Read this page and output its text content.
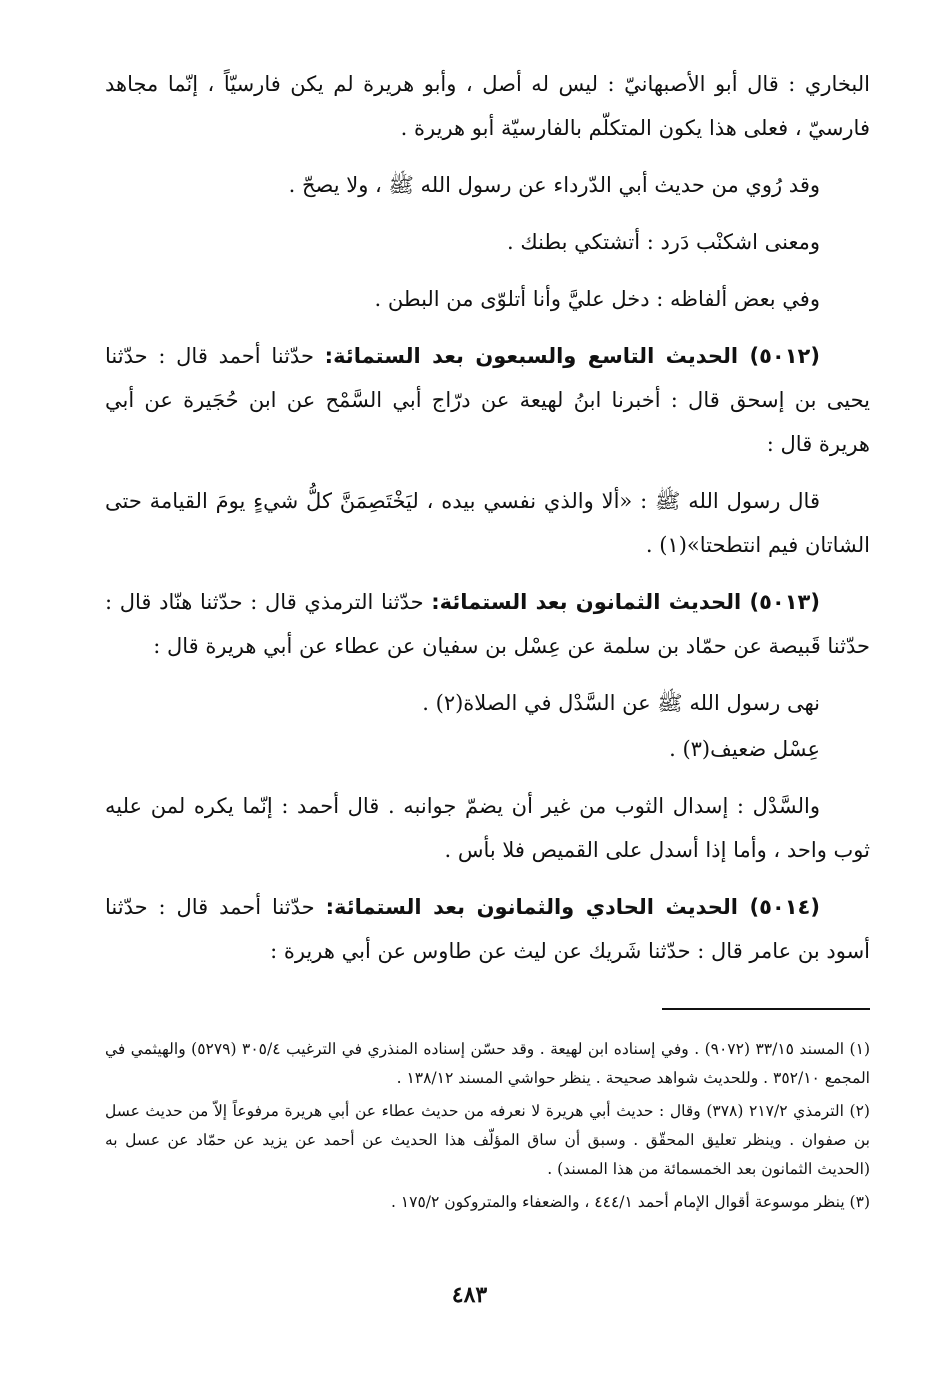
البخاري : قال أبو الأصبهانيّ : ليس له أصل ، وأبو هريرة لم يكن فارسيّاً ، إنّما مجاهد فارسيّ ، فعلى هذا يكون المتكلّم بالفارسيّة أبو هريرة .

وقد رُوي من حديث أبي الدّرداء عن رسول الله ﷺ ، ولا يصحّ .

ومعنى اشكنْب دَرد : أتشتكي بطنك .

وفي بعض ألفاظه : دخل عليَّ وأنا أتلوّى من البطن .

(٥٠١٢) الحديث التاسع والسبعون بعد الستمائة: حدّثنا أحمد قال : حدّثنا يحيى بن إسحق قال : أخبرنا ابنُ لهيعة عن درّاج أبي السَّمْح عن ابن حُجَيرة عن أبي هريرة قال :

قال رسول الله ﷺ : «ألا والذي نفسي بيده ، ليَخْتَصِمَنَّ كلُّ شيءٍ يومَ القيامة حتى الشاتان فيم انتطحتا»(١) .

(٥٠١٣) الحديث الثمانون بعد الستمائة: حدّثنا الترمذي قال : حدّثنا هنّاد قال : حدّثنا قَبيصة عن حمّاد بن سلمة عن عِسْل بن سفيان عن عطاء عن أبي هريرة قال :

نهى رسول الله ﷺ عن السَّدْل في الصلاة(٢) .

عِسْل ضعيف(٣) .

والسَّدْل : إسدال الثوب من غير أن يضمّ جوانبه . قال أحمد : إنّما يكره لمن عليه ثوب واحد ، وأما إذا أسدل على القميص فلا بأس .

(٥٠١٤) الحديث الحادي والثمانون بعد الستمائة: حدّثنا أحمد قال : حدّثنا أسود بن عامر قال : حدّثنا شَريك عن ليث عن طاوس عن أبي هريرة :

(١) المسند ٣٣/١٥ (٩٠٧٢) . وفي إسناده ابن لهيعة . وقد حسّن إسناده المنذري في الترغيب ٣٠٥/٤ (٥٢٧٩) والهيثمي في المجمع ٣٥٢/١٠ . وللحديث شواهد صحيحة . ينظر حواشي المسند ١٣٨/١٢ .

(٢) الترمذي ٢١٧/٢ (٣٧٨) وقال : حديث أبي هريرة لا نعرفه من حديث عطاء عن أبي هريرة مرفوعاً إلاّ من حديث عسل بن صفوان . وينظر تعليق المحقّق . وسبق أن ساق المؤلّف هذا الحديث عن أحمد عن يزيد عن حمّاد عن عسل به (الحديث الثمانون بعد الخمسمائة من هذا المسند) .

(٣) ينظر موسوعة أقوال الإمام أحمد ٤٤٤/١ ، والضعفاء والمتروكون ١٧٥/٢ .

٤٨٣
